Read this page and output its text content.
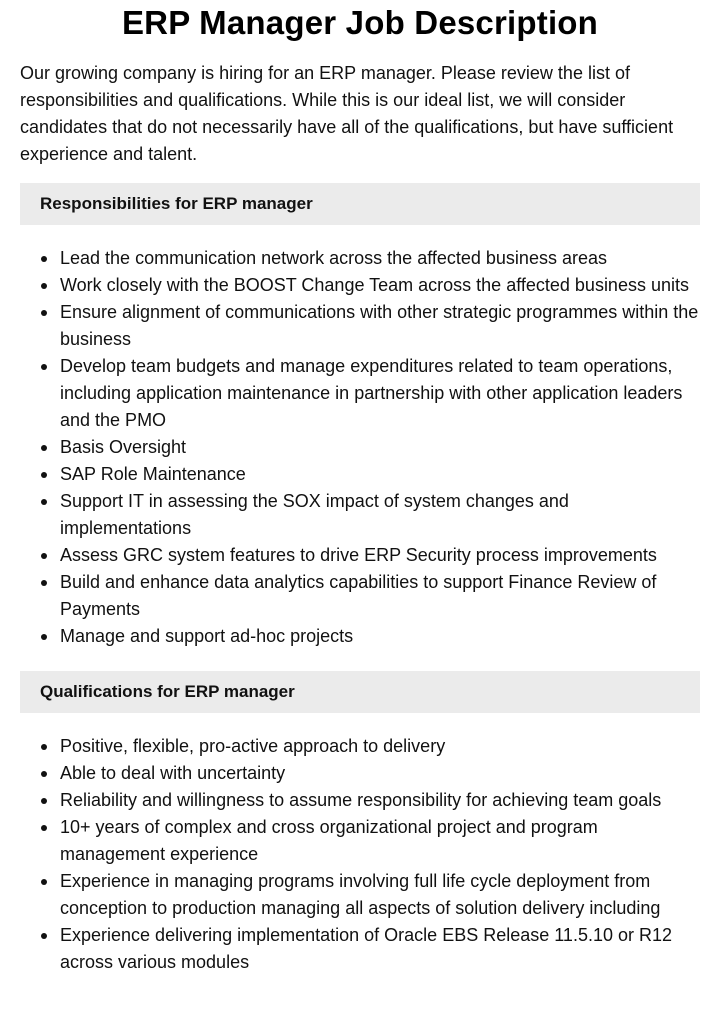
ERP Manager Job Description

Our growing company is hiring for an ERP manager. Please review the list of responsibilities and qualifications. While this is our ideal list, we will consider candidates that do not necessarily have all of the qualifications, but have sufficient experience and talent.

Responsibilities for ERP manager
Lead the communication network across the affected business areas
Work closely with the BOOST Change Team across the affected business units
Ensure alignment of communications with other strategic programmes within the business
Develop team budgets and manage expenditures related to team operations, including application maintenance in partnership with other application leaders and the PMO
Basis Oversight
SAP Role Maintenance
Support IT in assessing the SOX impact of system changes and implementations
Assess GRC system features to drive ERP Security process improvements
Build and enhance data analytics capabilities to support Finance Review of Payments
Manage and support ad-hoc projects
Qualifications for ERP manager
Positive, flexible, pro-active approach to delivery
Able to deal with uncertainty
Reliability and willingness to assume responsibility for achieving team goals
10+ years of complex and cross organizational project and program management experience
Experience in managing programs involving full life cycle deployment from conception to production managing all aspects of solution delivery including
Experience delivering implementation of Oracle EBS Release 11.5.10 or R12 across various modules
